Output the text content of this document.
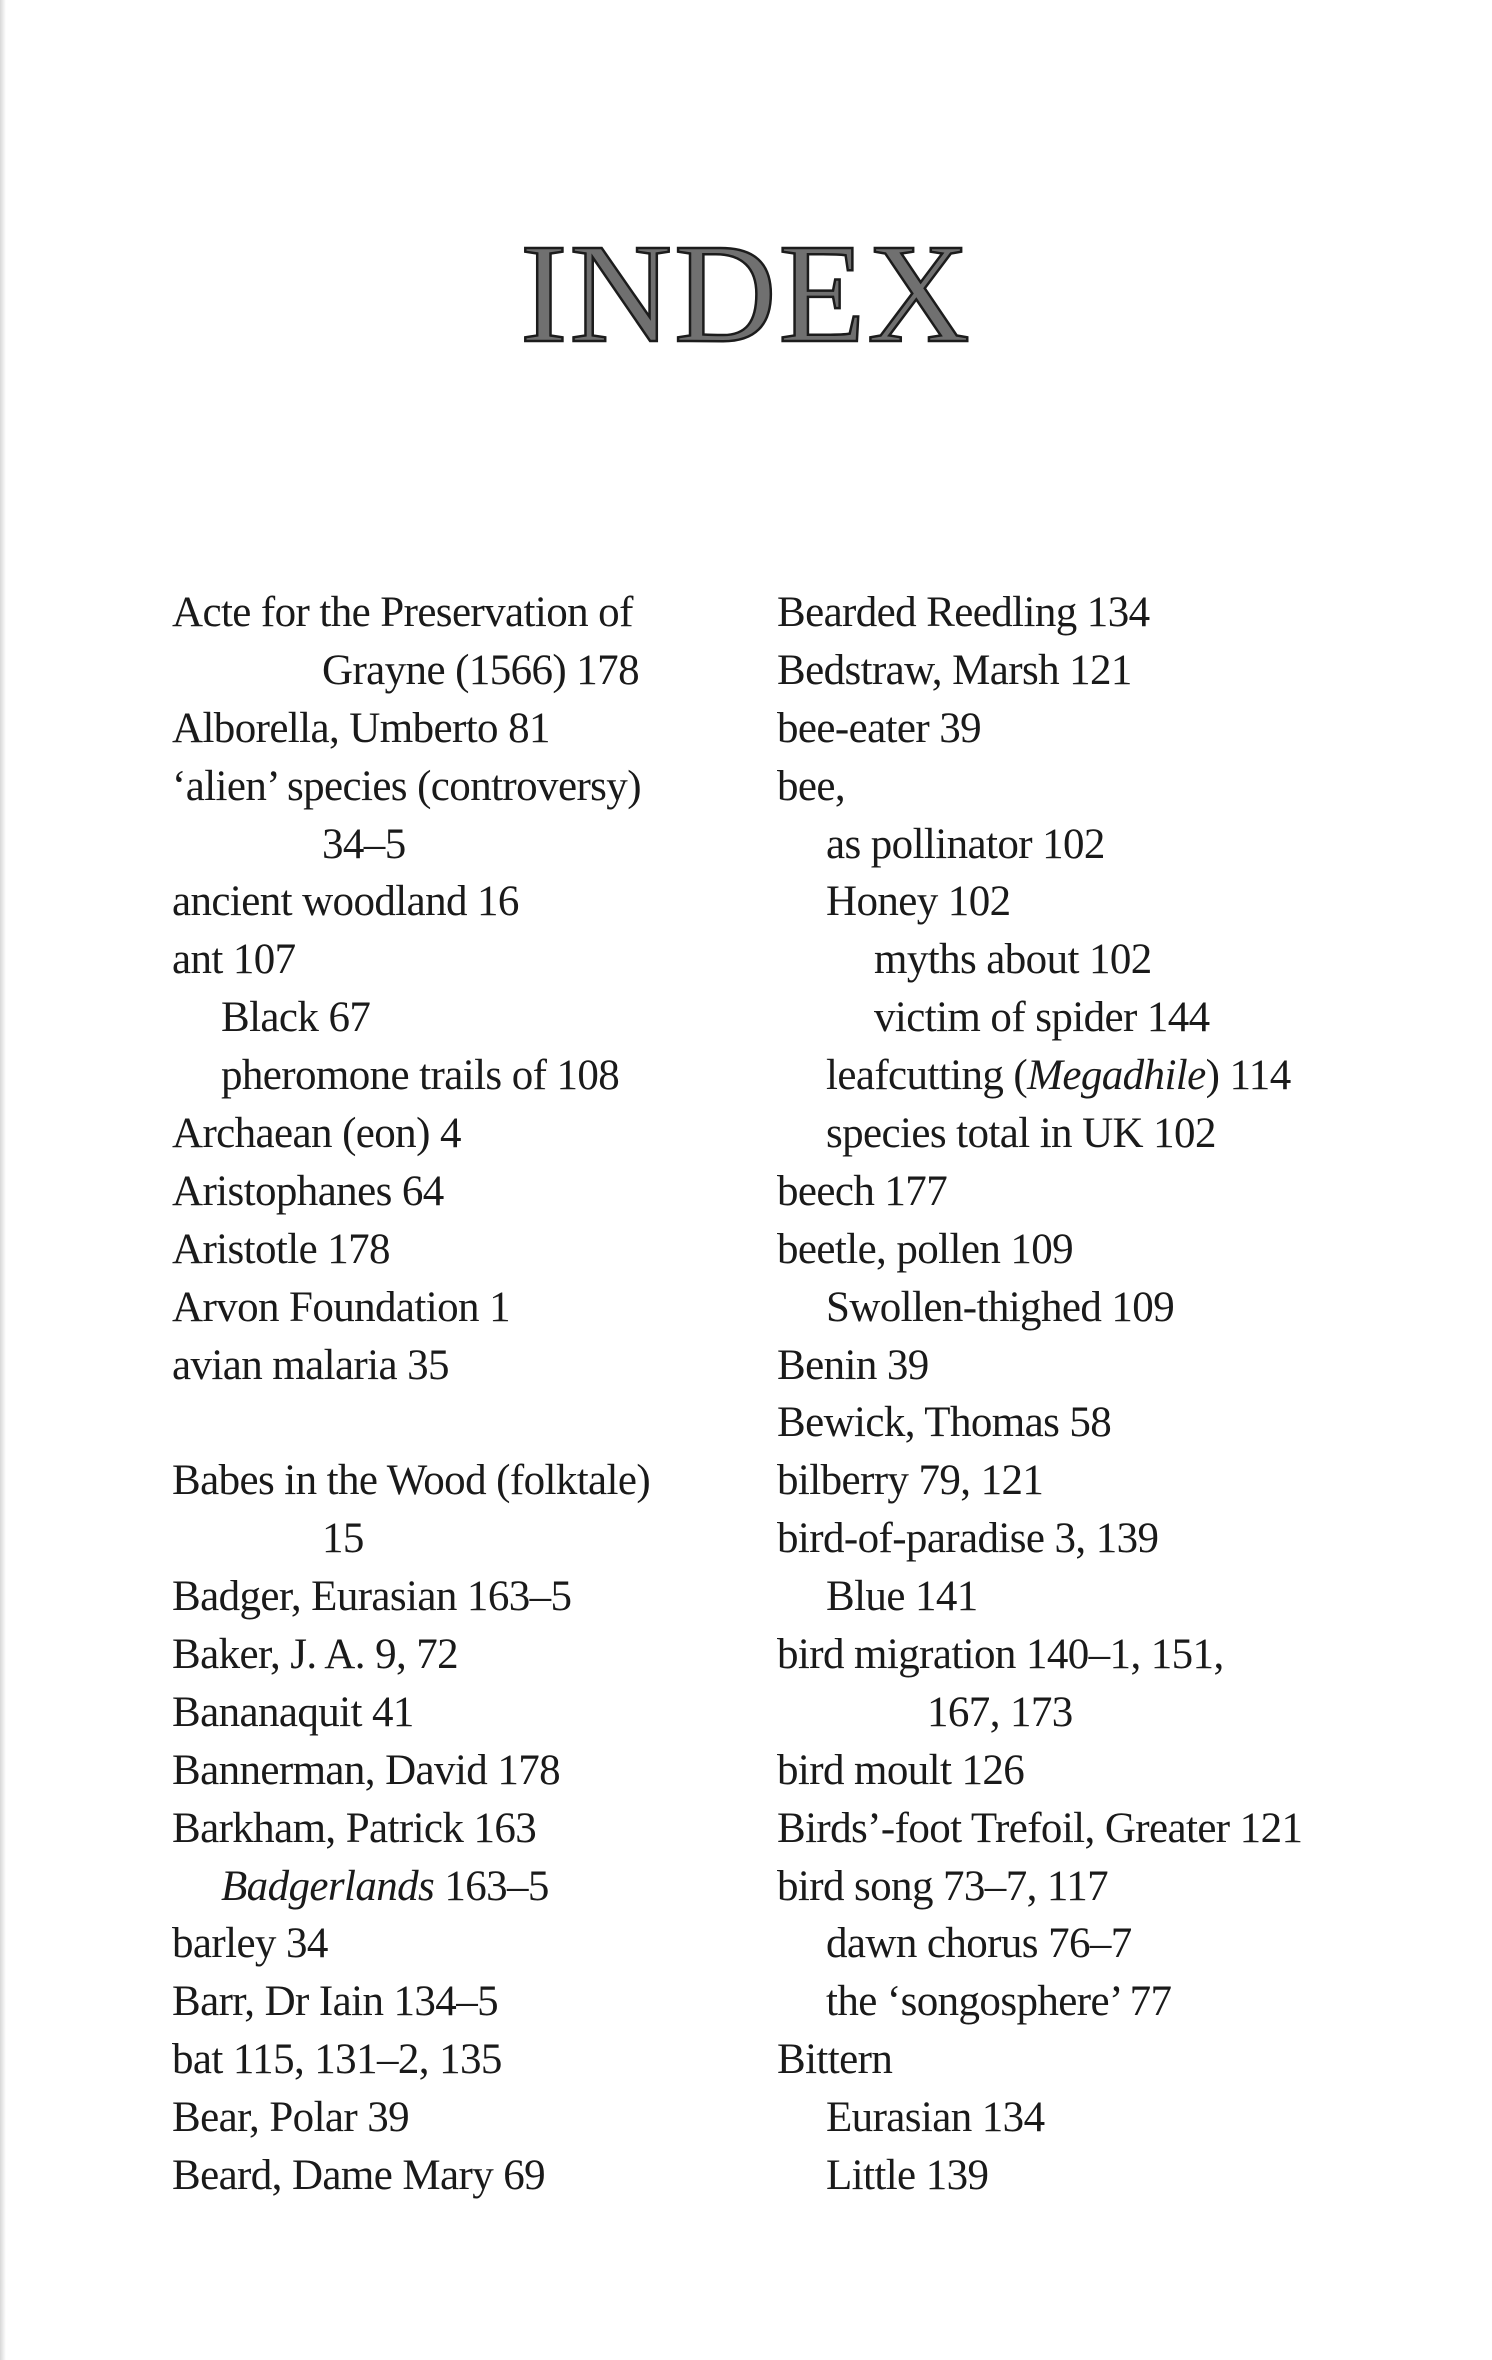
INDEX
Acte for the Preservation of
Grayne (1566) 178
Alborella, Umberto 81
‘alien’ species (controversy)
34–5
ancient woodland 16
ant 107
Black 67
pheromone trails of 108
Archaean (eon) 4
Aristophanes 64
Aristotle 178
Arvon Foundation 1
avian malaria 35
Babes in the Wood (folktale)
15
Badger, Eurasian 163–5
Baker, J. A. 9, 72
Bananaquit 41
Bannerman, David 178
Barkham, Patrick 163
Badgerlands 163–5
barley 34
Barr, Dr Iain 134–5
bat 115, 131–2, 135
Bear, Polar 39
Beard, Dame Mary 69
Bearded Reedling 134
Bedstraw, Marsh 121
bee-eater 39
bee,
as pollinator 102
Honey 102
myths about 102
victim of spider 144
leafcutting (Megadhile) 114
species total in UK 102
beech 177
beetle, pollen 109
Swollen-thighed 109
Benin 39
Bewick, Thomas 58
bilberry 79, 121
bird-of-paradise 3, 139
Blue 141
bird migration 140–1, 151,
167, 173
bird moult 126
Birds’-foot Trefoil, Greater 121
bird song 73–7, 117
dawn chorus 76–7
the ‘songosphere’ 77
Bittern
Eurasian 134
Little 139
